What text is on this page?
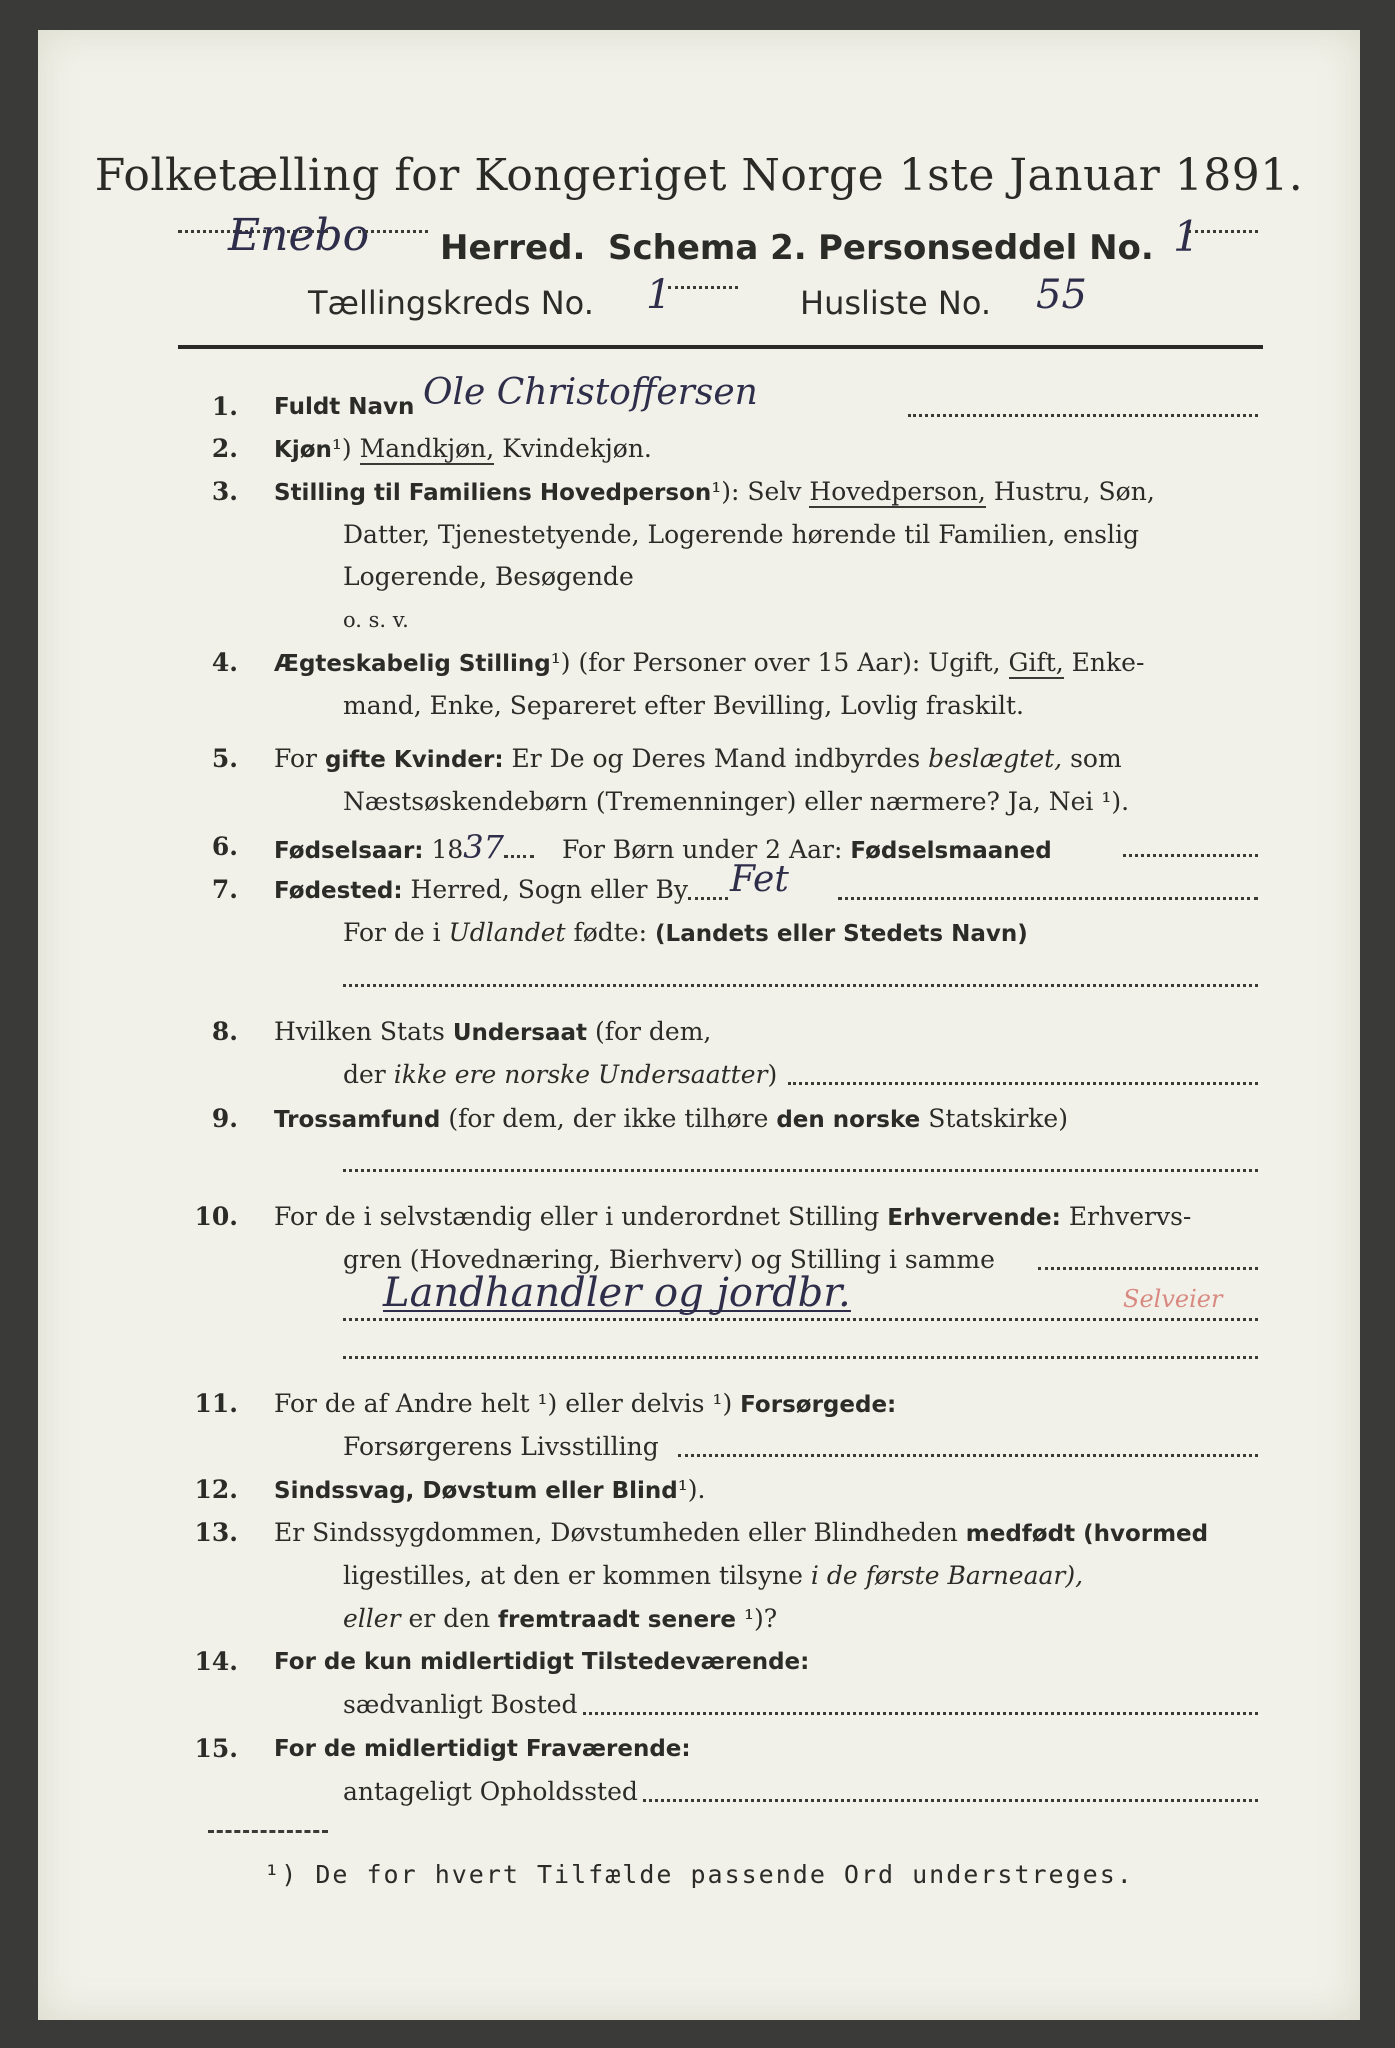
Folketælling for Kongeriget Norge 1ste Januar 1891.
Enebo Herred. Schema 2. Personseddel No. 1
Tællingskreds No. 1	Husliste No. 55
1. Fuldt Navn Ole Christoffersen
2. Kjøn¹) Mandkjøn, Kvindekjøn.
3. Stilling til Familiens Hovedperson¹): Selv Hovedperson, Hustru, Søn,
Datter, Tjenestetyende, Logerende hørende til Familien, enslig
Logerende, Besøgende
o. s. v.
4. Ægteskabelig Stilling¹) (for Personer over 15 Aar): Ugift, Gift, Enke-
mand, Enke, Separeret efter Bevilling, Lovlig fraskilt.
5. For gifte Kvinder: Er De og Deres Mand indbyrdes beslægtet, som
Næstsøskendebørn (Tremenninger) eller nærmere? Ja, Nei ¹).
6. Fødselsaar: 1837 For Børn under 2 Aar: Fødselsmaaned
7. Fødested: Herred, Sogn eller By Fet
For de i Udlandet fødte: (Landets eller Stedets Navn)
8. Hvilken Stats Undersaat (for dem,
der ikke ere norske Undersaatter)
9. Trossamfund (for dem, der ikke tilhøre den norske Statskirke)
10. For de i selvstændig eller i underordnet Stilling Erhvervende: Erhvervs-
gren (Hovednæring, Bierhverv) og Stilling i samme
Landhandler og jordbr.	Selveier
11. For de af Andre helt ¹) eller delvis ¹) Forsørgede:
Forsørgerens Livsstilling
12. Sindssvag, Døvstum eller Blind¹).
13. Er Sindssygdommen, Døvstumheden eller Blindheden medfødt (hvormed
ligestilles, at den er kommen tilsyne i de første Barneaar),
eller er den fremtraadt senere ¹)?
14. For de kun midlertidigt Tilstedeværende:
sædvanligt Bosted
15. For de midlertidigt Fraværende:
antageligt Opholdssted
¹) De for hvert Tilfælde passende Ord understreges.
